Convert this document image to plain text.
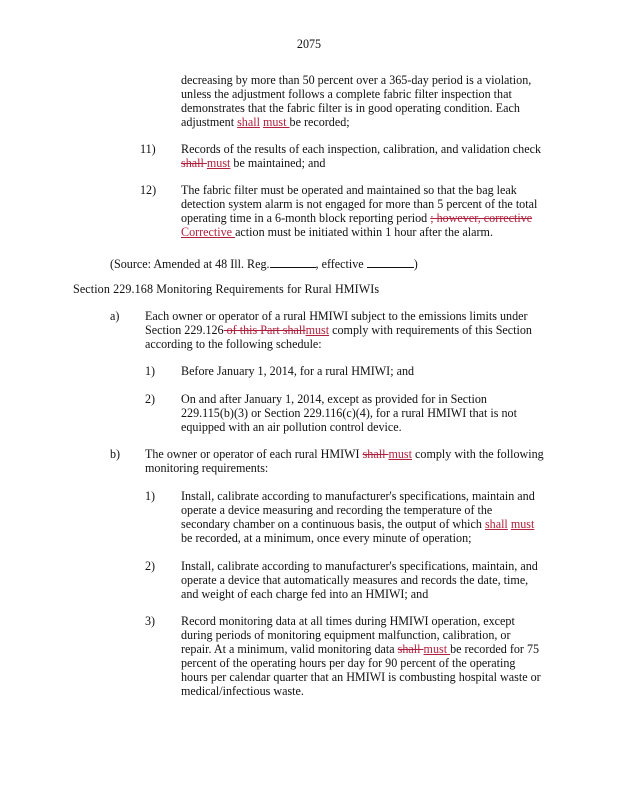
2075
decreasing by more than 50 percent over a 365-day period is a violation,
unless the adjustment follows a complete fabric filter inspection that
demonstrates that the fabric filter is in good operating condition. Each
adjustment shall must be recorded;
11)	Records of the results of each inspection, calibration, and validation check
shall must be maintained; and
12)	The fabric filter must be operated and maintained so that the bag leak
detection system alarm is not engaged for more than 5 percent of the total
operating time in a 6-month block reporting period ; however, corrective
Corrective action must be initiated within 1 hour after the alarm.
(Source: Amended at 48 Ill. Reg.	, effective	)
Section 229.168 Monitoring Requirements for Rural HMIWIs
a) Each owner or operator of a rural HMIWI subject to the emissions limits under
Section 229.126 of this Part shallmust comply with requirements of this Section
according to the following schedule:
1)	Before January 1, 2014, for a rural HMIWI; and
2)	On and after January 1, 2014, except as provided for in Section
229.115(b)(3) or Section 229.116(c)(4), for a rural HMIWI that is not
equipped with an air pollution control device.
b) The owner or operator of each rural HMIWI shall must comply with the following
monitoring requirements:
1)	Install, calibrate according to manufacturer's specifications, maintain and
operate a device measuring and recording the temperature of the
secondary chamber on a continuous basis, the output of which shall must
be recorded, at a minimum, once every minute of operation;
2)	Install, calibrate according to manufacturer's specifications, maintain, and
operate a device that automatically measures and records the date, time,
and weight of each charge fed into an HMIWI; and
3)	Record monitoring data at all times during HMIWI operation, except
during periods of monitoring equipment malfunction, calibration, or
repair. At a minimum, valid monitoring data shall must be recorded for 75
percent of the operating hours per day for 90 percent of the operating
hours per calendar quarter that an HMIWI is combusting hospital waste or
medical/infectious waste.
